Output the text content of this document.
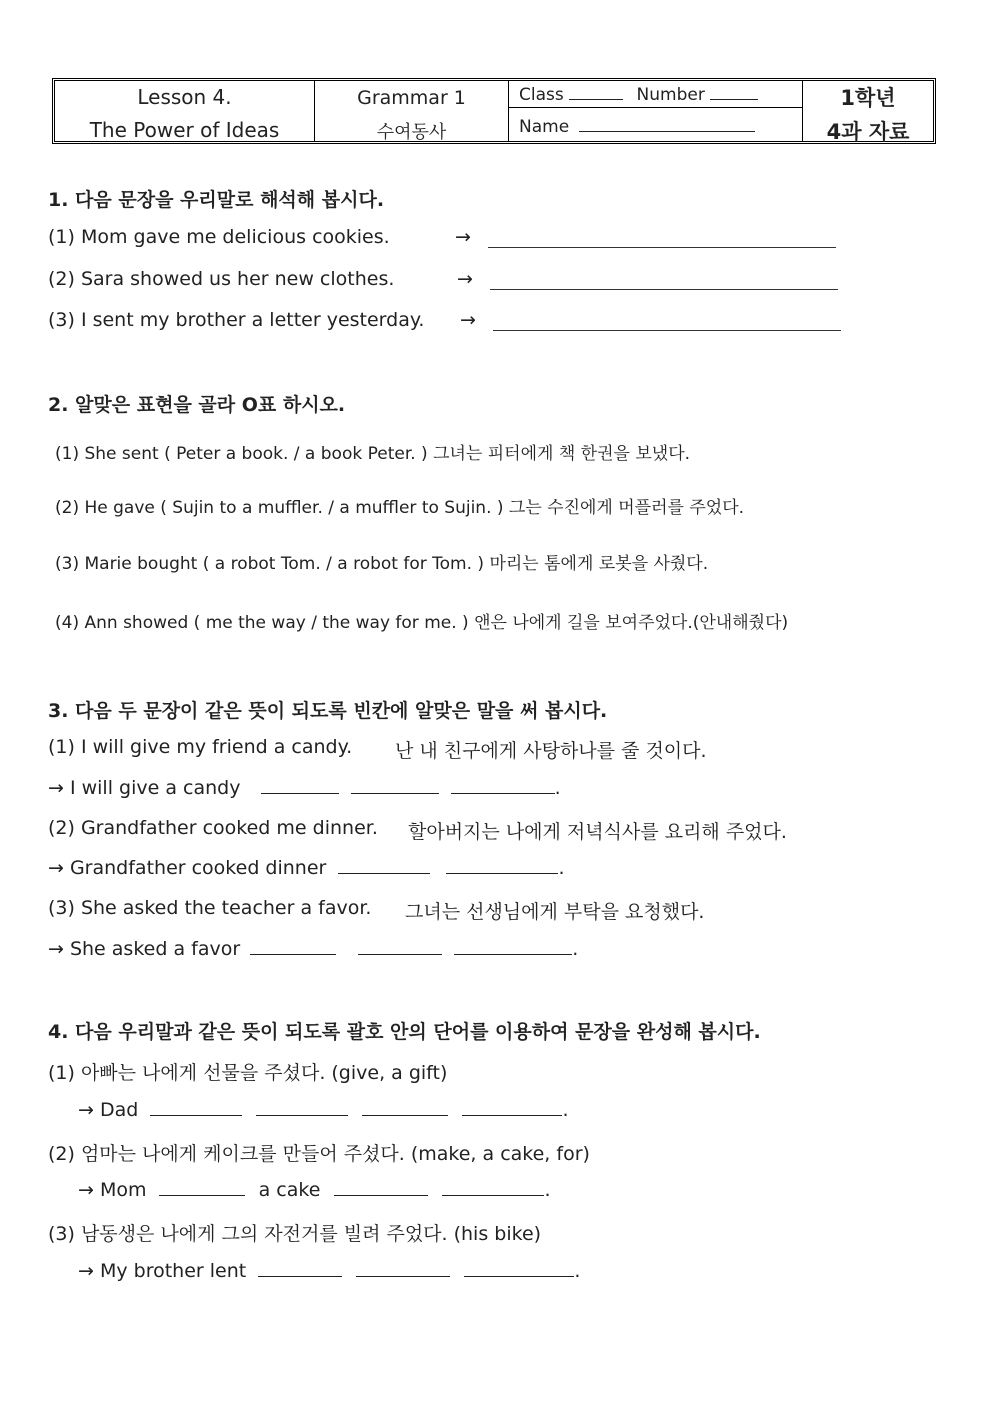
Lesson 4.
The Power of Ideas
Grammar 1
수여동사
Class	Number
Name
1학년
4과 자료
1. 다음 문장을 우리말로 해석해 봅시다.
(1) Mom gave me delicious cookies.	→
(2) Sara showed us her new clothes.	→
(3) I sent my brother a letter yesterday. →
2. 알맞은 표현을 골라 O표 하시오.
(1) She sent ( Peter a book. / a book Peter. ) 그녀는 피터에게 책 한권을 보냈다.
(2) He gave ( Sujin to a muffler. / a muffler to Sujin. ) 그는 수진에게 머플러를 주었다.
(3) Marie bought ( a robot Tom. / a robot for Tom. ) 마리는 톰에게 로봇을 사줬다.
(4) Ann showed ( me the way / the way for me. ) 앤은 나에게 길을 보여주었다.(안내해줬다)
3. 다음 두 문장이 같은 뜻이 되도록 빈칸에 알맞은 말을 써 봅시다.
(1) I will give my friend a candy. 난 내 친구에게 사탕하나를 줄 것이다.
→ I will give a candy	.
(2) Grandfather cooked me dinner. 할아버지는 나에게 저녁식사를 요리해 주었다.
→ Grandfather cooked dinner	.
(3) She asked the teacher a favor. 그녀는 선생님에게 부탁을 요청했다.
→ She asked a favor	.
4. 다음 우리말과 같은 뜻이 되도록 괄호 안의 단어를 이용하여 문장을 완성해 봅시다.
(1) 아빠는 나에게 선물을 주셨다. (give, a gift)
→ Dad	.
(2) 엄마는 나에게 케이크를 만들어 주셨다. (make, a cake, for)
→ Mom	a cake	.
(3) 남동생은 나에게 그의 자전거를 빌려 주었다. (his bike)
→ My brother lent	.
